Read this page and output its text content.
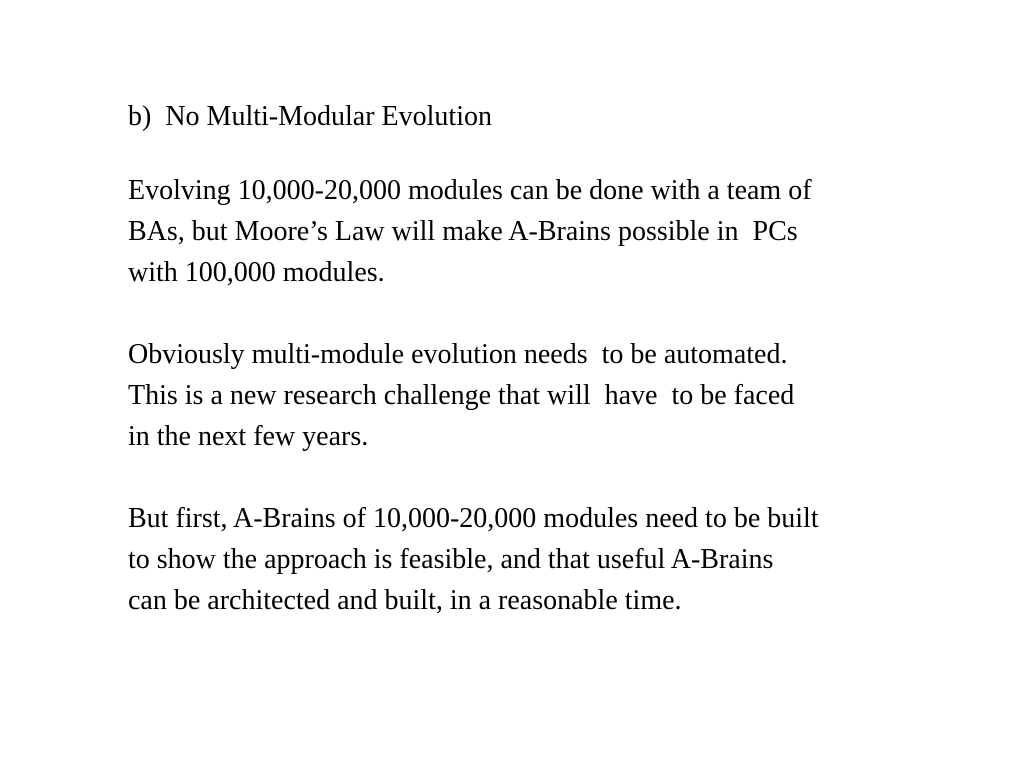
b)  No Multi-Modular Evolution

Evolving 10,000-20,000 modules can be done with a team of
BAs, but Moore’s Law will make A-Brains possible in  PCs
with 100,000 modules.

Obviously multi-module evolution needs  to be automated.
This is a new research challenge that will  have  to be faced
in the next few years.

But first, A-Brains of 10,000-20,000 modules need to be built
to show the approach is feasible, and that useful A-Brains
can be architected and built, in a reasonable time.
